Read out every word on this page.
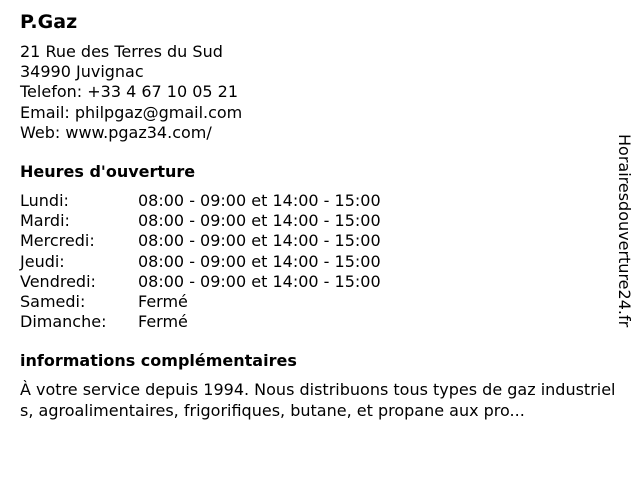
P.Gaz
21 Rue des Terres du Sud
34990 Juvignac
Telefon: +33 4 67 10 05 21
Email: philpgaz@gmail.com
Web: www.pgaz34.com/
Heures d'ouverture
Lundi:	08:00 - 09:00 et 14:00 - 15:00
Mardi:	08:00 - 09:00 et 14:00 - 15:00
Mercredi:	08:00 - 09:00 et 14:00 - 15:00
Jeudi:	08:00 - 09:00 et 14:00 - 15:00
Vendredi:	08:00 - 09:00 et 14:00 - 15:00
Samedi:	Fermé
Dimanche:	Fermé
informations complémentaires
À votre service depuis 1994. Nous distribuons tous types de gaz industriels, agroalimentaires, frigorifiques, butane, et propane aux pro...
Horairesdouverture24.fr
